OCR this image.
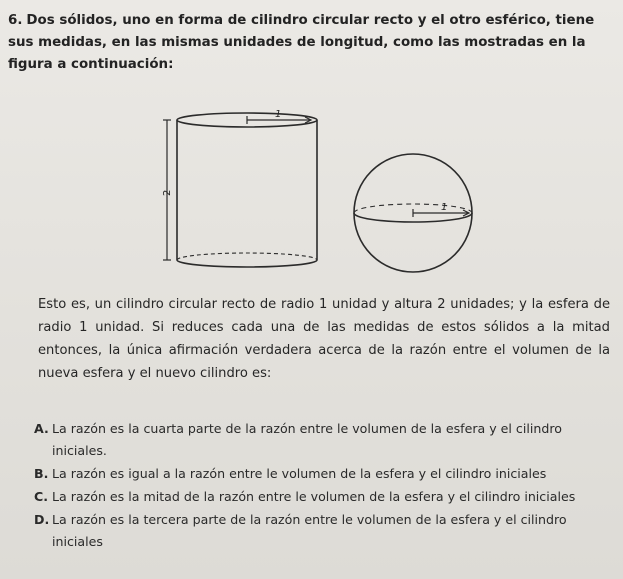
6. Dos sólidos, uno en forma de cilindro circular recto y el otro esférico, tiene sus medidas, en las mismas unidades de longitud, como las mostradas en la figura a continuación:
1
2
1
Esto es, un cilindro circular recto de radio 1 unidad y altura 2 unidades; y la esfera de radio 1 unidad. Si reduces cada una de las medidas de estos sólidos a la mitad entonces, la única afirmación verdadera acerca de la razón entre el volumen de la nueva esfera y el nuevo cilindro es:
A. La razón es la cuarta parte de la razón entre le volumen de la esfera y el cilindro iniciales.
B. La razón es igual a la razón entre le volumen de la esfera y el cilindro iniciales
C. La razón es la mitad de la razón entre le volumen de la esfera y el cilindro iniciales
D. La razón es la tercera parte de la razón entre le volumen de la esfera y el cilindro iniciales
